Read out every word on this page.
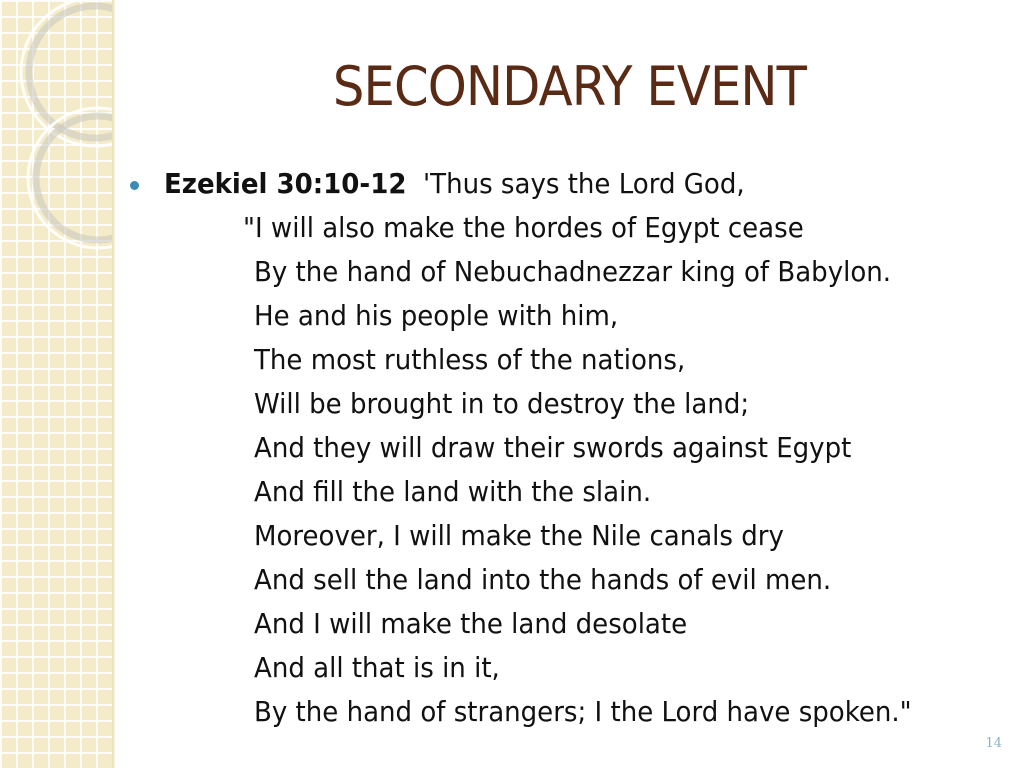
SECONDARY EVENT
Ezekiel 30:10-12 'Thus says the Lord God,
"I will also make the hordes of Egypt cease
By the hand of Nebuchadnezzar king of Babylon.
He and his people with him,
The most ruthless of the nations,
Will be brought in to destroy the land;
And they will draw their swords against Egypt
And fill the land with the slain.
Moreover, I will make the Nile canals dry
And sell the land into the hands of evil men.
And I will make the land desolate
And all that is in it,
By the hand of strangers; I the Lord have spoken."
14
